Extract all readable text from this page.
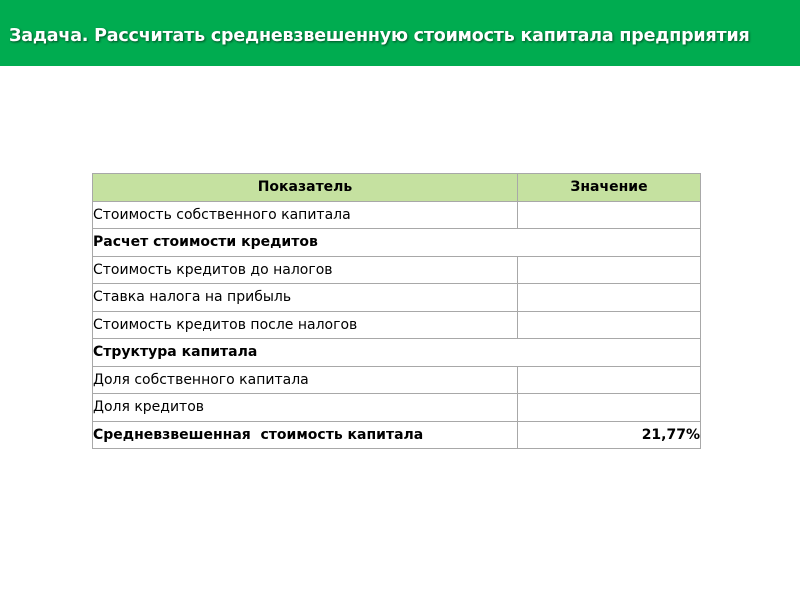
Задача. Рассчитать средневзвешенную стоимость капитала предприятия
Показатель	Значение
Стоимость собственного капитала	
Расчет стоимости кредитов	
Стоимость кредитов до налогов	
Ставка налога на прибыль	
Стоимость кредитов после налогов	
Структура капитала	
Доля собственного капитала	
Доля кредитов	
Средневзвешенная  стоимость капитала	21,77%
